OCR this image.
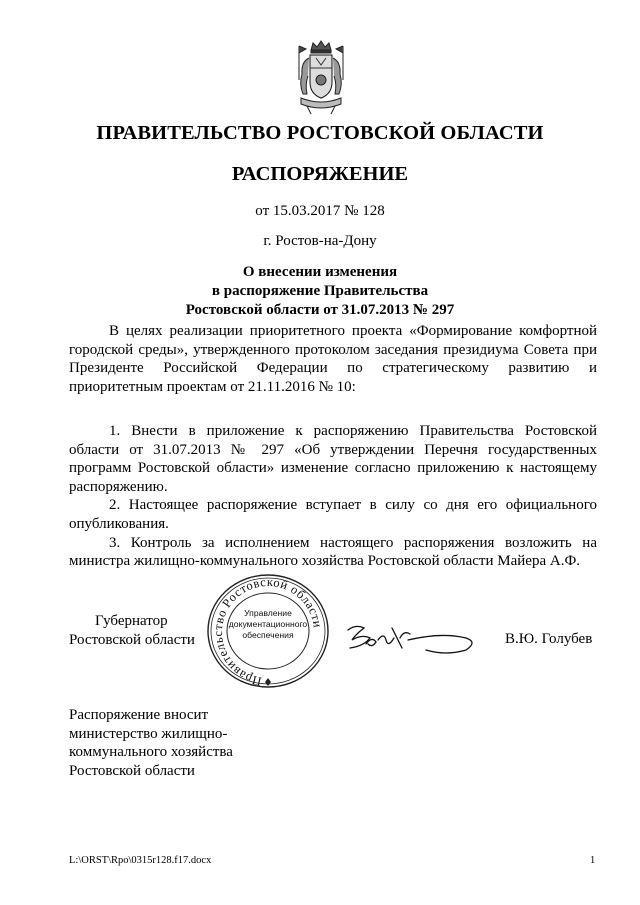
ПРАВИТЕЛЬСТВО РОСТОВСКОЙ ОБЛАСТИ
РАСПОРЯЖЕНИЕ
от 15.03.2017 № 128
г. Ростов-на-Дону
О внесении изменения
в распоряжение Правительства
Ростовской области от 31.07.2013 № 297

В целях реализации приоритетного проекта «Формирование комфортной городской среды», утвержденного протоколом заседания президиума Совета при Президенте Российской Федерации по стратегическому развитию и приоритетным проектам от 21.11.2016 № 10:

1. Внести в приложение к распоряжению Правительства Ростовской области от 31.07.2013 № 297 «Об утверждении Перечня государственных программ Ростовской области» изменение согласно приложению к настоящему распоряжению.

2. Настоящее распоряжение вступает в силу со дня его официального опубликования.

3. Контроль за исполнением настоящего распоряжения возложить на министра жилищно-коммунального хозяйства Ростовской области Майера А.Ф.

Губернатор
Ростовской области
Правительство Ростовской области
Управление
документационного
обеспечения	В.Ю. Голубев
Распоряжение вносит
министерство жилищно-
коммунального хозяйства
Ростовской области
L:\ORST\Rpo\0315r128.f17.docx	1
